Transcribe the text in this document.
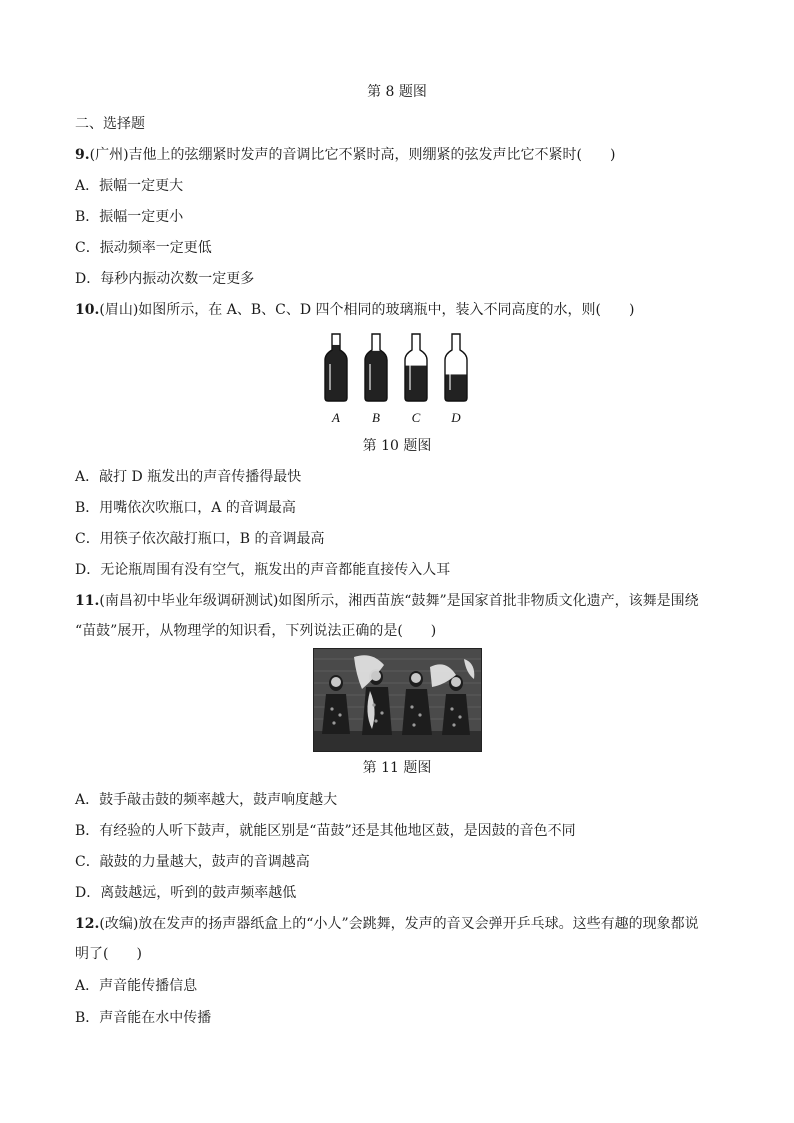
第 8 题图
二、选择题
9.(广州)吉他上的弦绷紧时发声的音调比它不紧时高，则绷紧的弦发声比它不紧时(　　)
A．振幅一定更大
B．振幅一定更小
C．振动频率一定更低
D．每秒内振动次数一定更多
10.(眉山)如图所示，在 A、B、C、D 四个相同的玻璃瓶中，装入不同高度的水，则(　　)
A B C D
第 10 题图
A．敲打 D 瓶发出的声音传播得最快
B．用嘴依次吹瓶口，A 的音调最高
C．用筷子依次敲打瓶口，B 的音调最高
D．无论瓶周围有没有空气，瓶发出的声音都能直接传入人耳
11.(南昌初中毕业年级调研测试)如图所示，湘西苗族“鼓舞”是国家首批非物质文化遗产，该舞是围绕
“苗鼓”展开，从物理学的知识看，下列说法正确的是(　　)
第 11 题图
A．鼓手敲击鼓的频率越大，鼓声响度越大
B．有经验的人听下鼓声，就能区别是“苗鼓”还是其他地区鼓，是因鼓的音色不同
C．敲鼓的力量越大，鼓声的音调越高
D．离鼓越远，听到的鼓声频率越低
12.(改编)放在发声的扬声器纸盒上的“小人”会跳舞，发声的音叉会弹开乒乓球。这些有趣的现象都说
明了(　　)
A．声音能传播信息
B．声音能在水中传播
